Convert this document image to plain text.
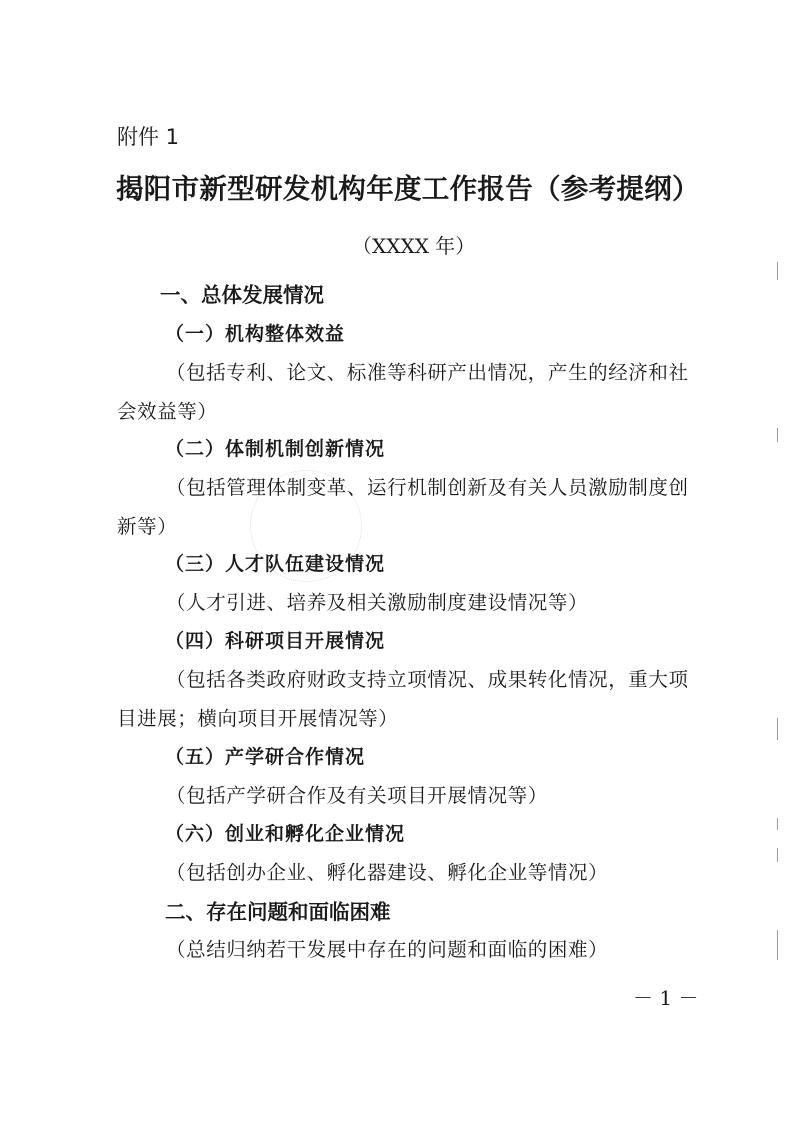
附件 1
揭阳市新型研发机构年度工作报告（参考提纲）
（XXXX 年）
一、总体发展情况
（一）机构整体效益
（包括专利、论文、标准等科研产出情况，产生的经济和社
会效益等）
（二）体制机制创新情况
（包括管理体制变革、运行机制创新及有关人员激励制度创
新等）
（三）人才队伍建设情况
（人才引进、培养及相关激励制度建设情况等）
（四）科研项目开展情况
（包括各类政府财政支持立项情况、成果转化情况，重大项
目进展；横向项目开展情况等）
（五）产学研合作情况
（包括产学研合作及有关项目开展情况等）
（六）创业和孵化企业情况
（包括创办企业、孵化器建设、孵化企业等情况）
二、存在问题和面临困难
（总结归纳若干发展中存在的问题和面临的困难）
－ 1 －
